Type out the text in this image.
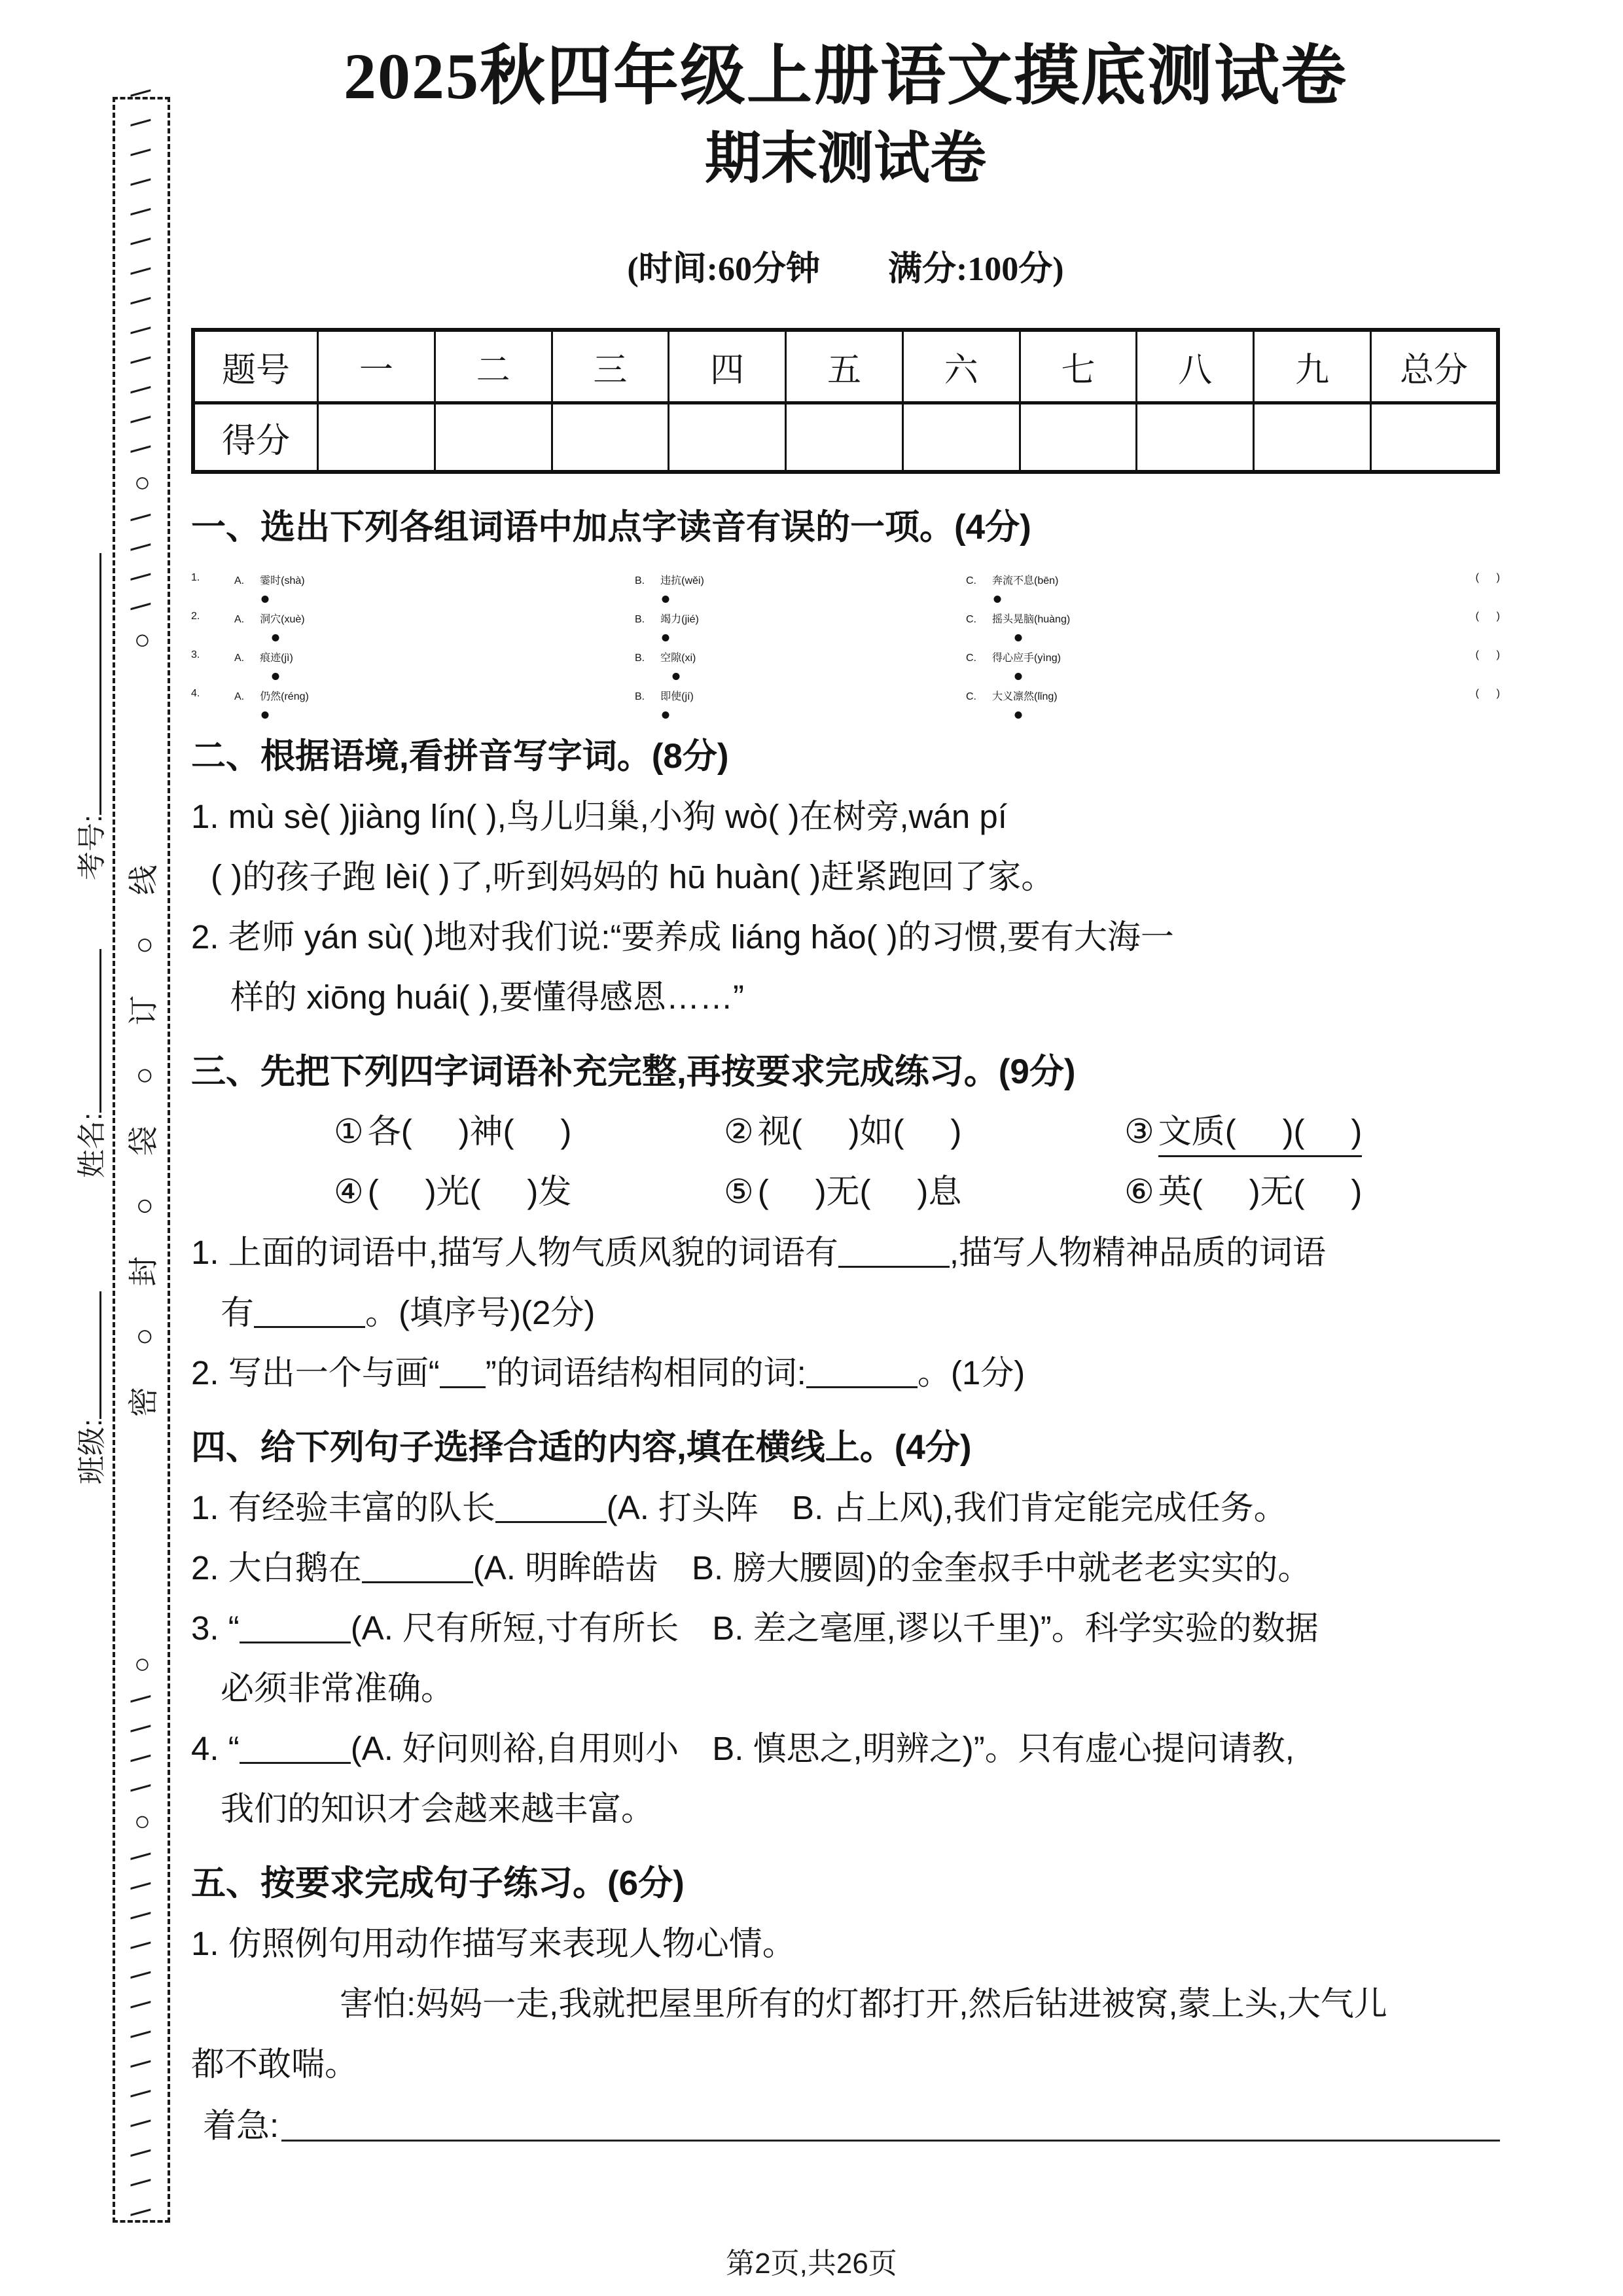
\ \ \ \ \ \ \ \ \ \ \ \ \ ○ \ \ \ \ ○
密 ○ 封 ○ 袋 ○ 订 ○ 线
○ \ \ \ \ ○ \ \ \ \ \ \ \ \ \ \ \ \ \
考号:
姓名:
班级:
2025秋四年级上册语文摸底测试卷
期末测试卷
(时间:60分钟　　满分:100分)
题号	一	二	三	四	五	六	七	八	九	总分
得分										
一、选出下列各组词语中加点字读音有误的一项。(4分)
1.	A. 霎时(shà)	B. 违抗(wěi)	C. 奔流不息(bēn)	(      )
2.	A. 洞穴(xuè)	B. 竭力(jié)	C. 摇头晃脑(huàng)	(      )
3.	A. 痕迹(jì)	B. 空隙(xi)	C. 得心应手(yìng)	(      )
4.	A. 仍然(réng)	B. 即使(jí)	C. 大义凛然(lǐng)	(      )
二、根据语境,看拼音写字词。(8分)
1. mù sè( )jiàng lín( ),鸟儿归巢,小狗 wò( )在树旁,wán pí
( )的孩子跑 lèi( )了,听到妈妈的 hū huàn( )赶紧跑回了家。
2. 老师 yán sù( )地对我们说:“要养成 liáng hǎo( )的习惯,要有大海一
样的 xiōng huái( ),要懂得感恩……”
三、先把下列四字词语补充完整,再按要求完成练习。(9分)
① 各(     )神(     )	② 视(     )如(     )	③ 文质(     )(     )
④ (     )光(     )发	⑤ (     )无(     )息	⑥ 英(     )无(     )
1. 上面的词语中,描写人物气质风貌的词语有	,描写人物精神品质的词语
有	。(填序号)(2分)
2. 写出一个与画“ ”的词语结构相同的词:	。(1分)
四、给下列句子选择合适的内容,填在横线上。(4分)
1. 有经验丰富的队长	(A. 打头阵　B. 占上风),我们肯定能完成任务。
2. 大白鹅在	(A. 明眸皓齿　B. 膀大腰圆)的金奎叔手中就老老实实的。
3. “	(A. 尺有所短,寸有所长　B. 差之毫厘,谬以千里)”。科学实验的数据
必须非常准确。
4. “	(A. 好问则裕,自用则小　B. 慎思之,明辨之)”。只有虚心提问请教,
我们的知识才会越来越丰富。
五、按要求完成句子练习。(6分)
1. 仿照例句用动作描写来表现人物心情。
害怕:妈妈一走,我就把屋里所有的灯都打开,然后钻进被窝,蒙上头,大气儿
都不敢喘。
着急:
第2页,共26页
